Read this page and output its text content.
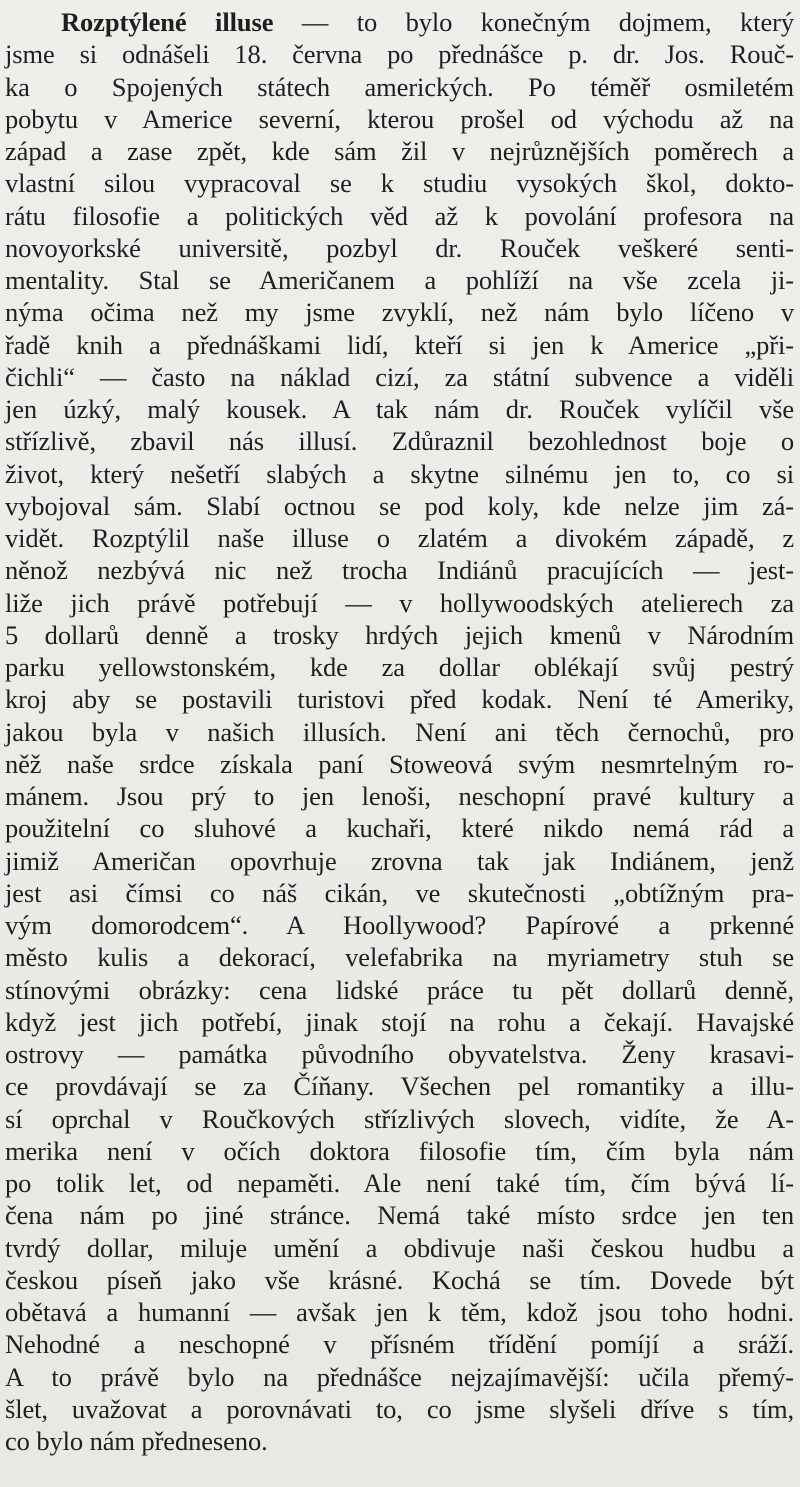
Rozptýlené illuse — to bylo konečným dojmem, který
jsme si odnášeli 18. června po přednášce p. dr. Jos. Rouč-
ka o Spojených státech amerických. Po téměř osmiletém
pobytu v Americe severní, kterou prošel od východu až na
západ a zase zpět, kde sám žil v nejrůznějších poměrech a
vlastní silou vypracoval se k studiu vysokých škol, dokto-
rátu filosofie a politických věd až k povolání profesora na
novoyorkské universitě, pozbyl dr. Rouček veškeré senti-
mentality. Stal se Američanem a pohlíží na vše zcela ji-
nýma očima než my jsme zvyklí, než nám bylo líčeno v
řadě knih a přednáškami lidí, kteří si jen k Americe „při-
čichli“ — často na náklad cizí, za státní subvence a viděli
jen úzký, malý kousek. A tak nám dr. Rouček vylíčil vše
střízlivě, zbavil nás illusí. Zdůraznil bezohlednost boje o
život, který nešetří slabých a skytne silnému jen to, co si
vybojoval sám. Slabí octnou se pod koly, kde nelze jim zá-
vidět. Rozptýlil naše illuse o zlatém a divokém západě, z
něnož nezbývá nic než trocha Indiánů pracujících — jest-
liže jich právě potřebují — v hollywoodských atelierech za
5 dollarů denně a trosky hrdých jejich kmenů v Národním
parku yellowstonském, kde za dollar oblékají svůj pestrý
kroj aby se postavili turistovi před kodak. Není té Ameriky,
jakou byla v našich illusích. Není ani těch černochů, pro
něž naše srdce získala paní Stoweová svým nesmrtelným ro-
mánem. Jsou prý to jen lenoši, neschopní pravé kultury a
použitelní co sluhové a kuchaři, které nikdo nemá rád a
jimiž Američan opovrhuje zrovna tak jak Indiánem, jenž
jest asi čímsi co náš cikán, ve skutečnosti „obtížným pra-
vým domorodcem“. A Hoollywood? Papírové a prkenné
město kulis a dekorací, velefabrika na myriametry stuh se
stínovými obrázky: cena lidské práce tu pět dollarů denně,
když jest jich potřebí, jinak stojí na rohu a čekají. Havajské
ostrovy — památka původního obyvatelstva. Ženy krasavi-
ce provdávají se za Číňany. Všechen pel romantiky a illu-
sí oprchal v Roučkových střízlivých slovech, vidíte, že A-
merika není v očích doktora filosofie tím, čím byla nám
po tolik let, od nepaměti. Ale není také tím, čím bývá lí-
čena nám po jiné stránce. Nemá také místo srdce jen ten
tvrdý dollar, miluje umění a obdivuje naši českou hudbu a
českou píseň jako vše krásné. Kochá se tím. Dovede být
obětavá a humanní — avšak jen k těm, kdož jsou toho hodni.
Nehodné a neschopné v přísném třídění pomíjí a sráží.
A to právě bylo na přednášce nejzajímavější: učila přemý-
šlet, uvažovat a porovnávati to, co jsme slyšeli dříve s tím,
co bylo nám předneseno.
